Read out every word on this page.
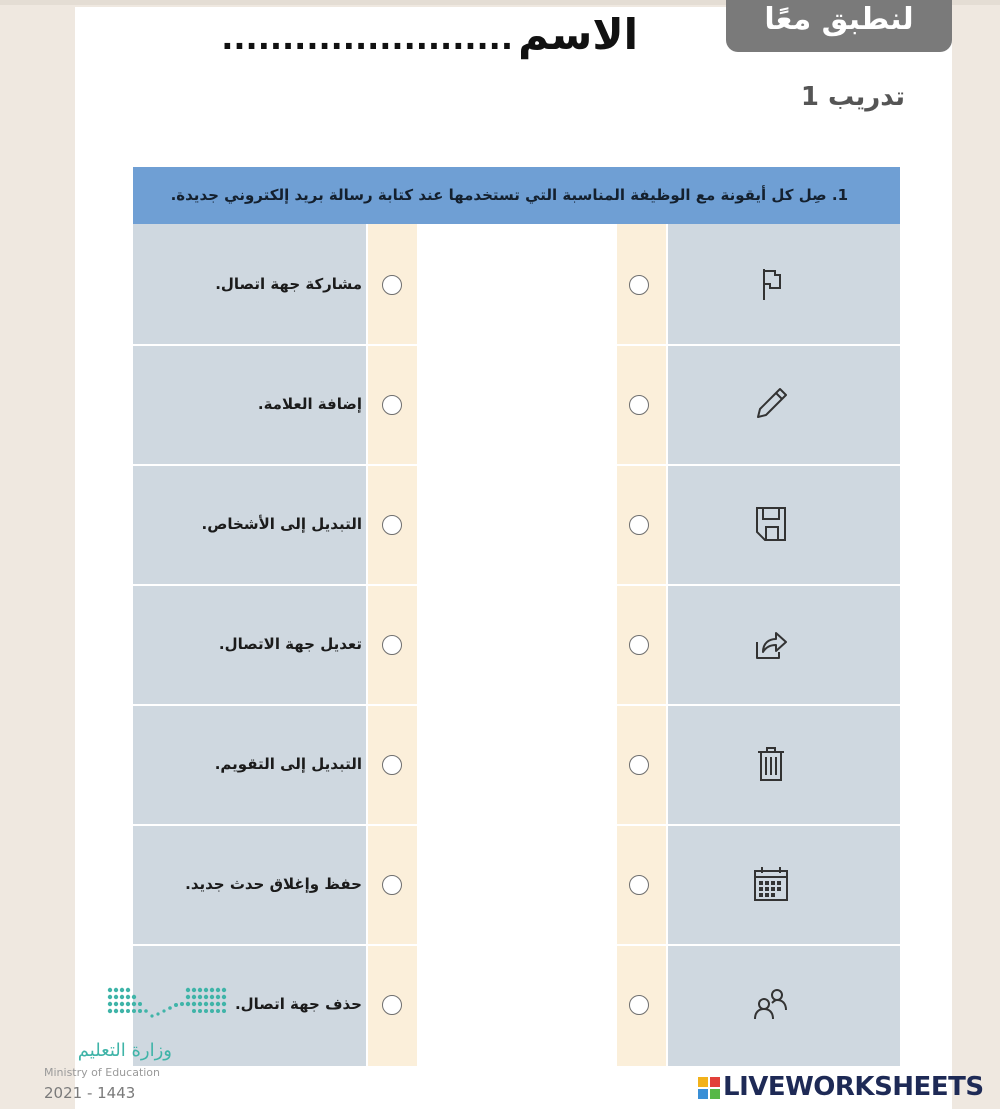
لنطبق معًا
الاسم ........................
تدريب 1
1. صِل كل أيقونة مع الوظيفة المناسبة التي تستخدمها عند كتابة رسالة بريد إلكتروني جديدة.
مشاركة جهة اتصال.
إضافة العلامة.
التبديل إلى الأشخاص.
تعديل جهة الاتصال.
التبديل إلى التقويم.
حفظ وإغلاق حدث جديد.
حذف جهة اتصال.
وزارة التعليم
Ministry of Education
2021 - 1443	LIVEWORKSHEETS
